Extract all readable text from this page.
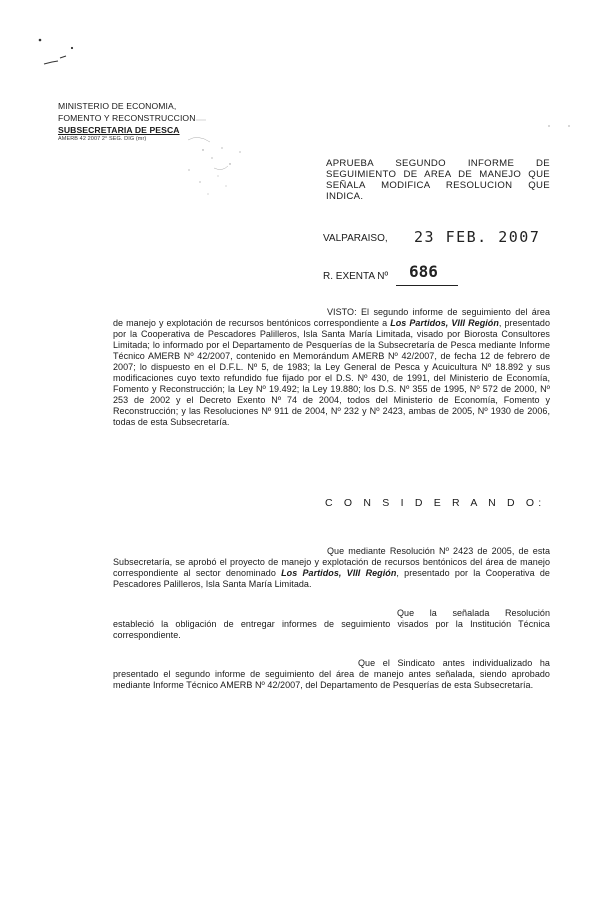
MINISTERIO DE ECONOMIA,
FOMENTO Y RECONSTRUCCION
SUBSECRETARIA DE PESCA
AMERB 42 2007 2° SEG. DIG (mr)
APRUEBA SEGUNDO INFORME DE
SEGUIMIENTO DE AREA DE MANEJO QUE
SEÑALA MODIFICA RESOLUCION QUE
INDICA.
VALPARAISO, 23 FEB. 2007
R. EXENTA Nº 686
VISTO: El segundo informe de seguimiento del área de manejo y explotación de recursos bentónicos correspondiente a Los Partidos, VIII Región, presentado por la Cooperativa de Pescadores Palilleros, Isla Santa María Limitada, visado por Biorosta Consultores Limitada; lo informado por el Departamento de Pesquerías de la Subsecretaría de Pesca mediante Informe Técnico AMERB Nº 42/2007, contenido en Memorándum AMERB Nº 42/2007, de fecha 12 de febrero de 2007; lo dispuesto en el D.F.L. Nº 5, de 1983; la Ley General de Pesca y Acuicultura Nº 18.892 y sus modificaciones cuyo texto refundido fue fijado por el D.S. Nº 430, de 1991, del Ministerio de Economía, Fomento y Reconstrucción; la Ley Nº 19.492; la Ley 19.880; los D.S. Nº 355 de 1995, Nº 572 de 2000, Nº 253 de 2002 y el Decreto Exento Nº 74 de 2004, todos del Ministerio de Economía, Fomento y Reconstrucción; y las Resoluciones Nº 911 de 2004, Nº 232 y Nº 2423, ambas de 2005, Nº 1930 de 2006, todas de esta Subsecretaría.
C O N S I D E R A N D O:
Que mediante Resolución Nº 2423 de 2005, de esta Subsecretaría, se aprobó el proyecto de manejo y explotación de recursos bentónicos del área de manejo correspondiente al sector denominado Los Partidos, VIII Región, presentado por la Cooperativa de Pescadores Palilleros, Isla Santa María Limitada.
Que la señalada Resolución estableció la obligación de entregar informes de seguimiento visados por la Institución Técnica correspondiente.
Que el Sindicato antes individualizado ha presentado el segundo informe de seguimiento del área de manejo antes señalada, siendo aprobado mediante Informe Técnico AMERB Nº 42/2007, del Departamento de Pesquerías de esta Subsecretaría.
